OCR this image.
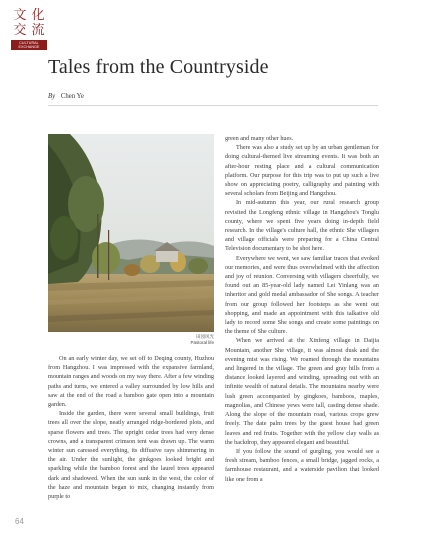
文 化
交 流
CULTURAL EXCHANGE
Tales from the Countryside
By Chen Ye
田园风光
Pastoral life

On an early winter day, we set off to Deqing county, Huzhou from Hangzhou. I was impressed with the expansive farmland, mountain ranges and woods on my way there. After a few winding paths and turns, we entered a valley surrounded by low hills and saw at the end of the road a bamboo gate open into a mountain garden.

Inside the garden, there were several small buildings, fruit trees all over the slope, neatly arranged ridge-bordered plots, and sparse flowers and trees. The upright cedar trees had very dense crowns, and a transparent crimson tent was drawn up. The warm winter sun caressed everything, its diffusive rays shimmering in the air. Under the sunlight, the ginkgoes looked bright and sparkling while the bamboo forest and the laurel trees appeared dark and shadowed. When the sun sunk in the west, the color of the haze and mountain began to mix, changing instantly from purple to

green and many other hues.

There was also a study set up by an urban gentleman for doing cultural-themed live streaming events. It was both an after-hour resting place and a cultural communication platform. Our purpose for this trip was to put up such a live show on appreciating poetry, calligraphy and painting with several scholars from Beijing and Hangzhou.

In mid-autumn this year, our rural research group revisited the Longfeng ethnic village in Hangzhou's Tonglu county, where we spent five years doing in-depth field research. In the village's culture hall, the ethnic She villagers and village officials were preparing for a China Central Television documentary to be shot here.

Everywhere we went, we saw familiar traces that evoked our memories, and were thus overwhelmed with the affection and joy of reunion. Conversing with villagers cheerfully, we found out an 85-year-old lady named Lei Yinlang was an inheritor and gold medal ambassador of She songs. A teacher from our group followed her footsteps as she went out shopping, and made an appointment with this talkative old lady to record some She songs and create some paintings on the theme of She culture.

When we arrived at the Xinfeng village in Daijia Mountain, another She village, it was almost dusk and the evening mist was rising. We roamed through the mountains and lingered in the village. The green and gray hills from a distance looked layered and winding, spreading out with an infinite wealth of natural details. The mountains nearby were lush green accompanied by gingkoes, bamboos, maples, magnolias, and Chinese yews were tall, casting dense shade. Along the slope of the mountain road, various crops grew freely. The date palm trees by the guest house had green leaves and red fruits. Together with the yellow clay walls as the backdrop, they appeared elegant and beautiful.

If you follow the sound of gurgling, you would see a fresh stream, bamboo fences, a small bridge, jagged rocks, a farmhouse restaurant, and a waterside pavilion that looked like one from a

64
